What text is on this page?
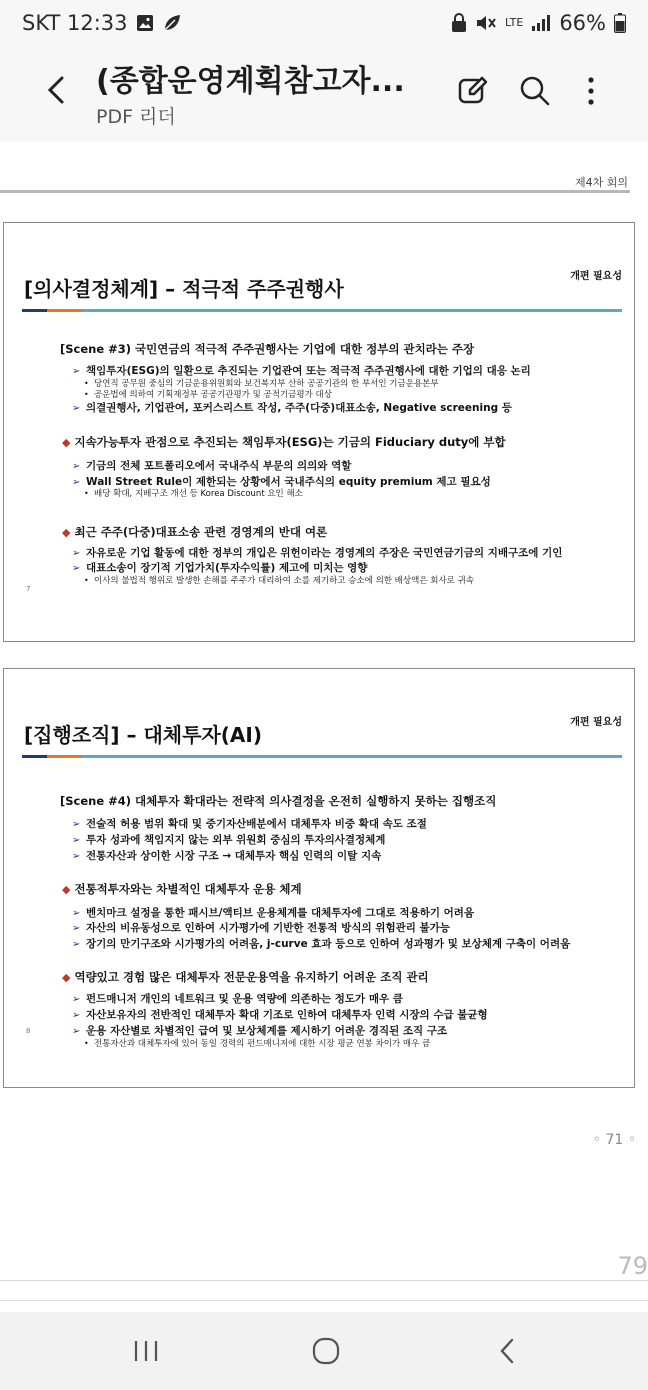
SKT 12:33	LTE 66%
(종합운영계획참고자...
PDF 리더
제4차 회의
[의사결정체계] – 적극적 주주권행사
개편 필요성
[Scene #3) 국민연금의 적극적 주주권행사는 기업에 대한 정부의 관치라는 주장
➢ 책임투자(ESG)의 일환으로 추진되는 기업관여 또는 적극적 주주권행사에 대한 기업의 대응 논리
• 당연직 공무원 중심의 기금운용위원회와 보건복지부 산하 공공기관의 한 부서인 기금운용본부
• 공운법에 의하여 기획재정부 공공기관평가 및 공적기금평가 대상
➢ 의결권행사, 기업관여, 포커스리스트 작성, 주주(다중)대표소송, Negative screening 등
◆ 지속가능투자 관점으로 추진되는 책임투자(ESG)는 기금의 Fiduciary duty에 부합
➢ 기금의 전체 포트폴리오에서 국내주식 부문의 의의와 역할
➢ Wall Street Rule이 제한되는 상황에서 국내주식의 equity premium 제고 필요성
• 배당 확대, 지배구조 개선 등 Korea Discount 요인 해소
◆ 최근 주주(다중)대표소송 관련 경영계의 반대 여론
➢ 자유로운 기업 활동에 대한 정부의 개입은 위헌이라는 경영계의 주장은 국민연금기금의 지배구조에 기인
➢ 대표소송이 장기적 기업가치(투자수익률) 제고에 미치는 영향
• 이사의 불법적 행위로 발생한 손해를 주주가 대리하여 소를 제기하고 승소에 의한 배상액은 회사로 귀속
7
[집행조직] – 대체투자(AI)
개편 필요성
[Scene #4) 대체투자 확대라는 전략적 의사결정을 온전히 실행하지 못하는 집행조직
➢ 전술적 허용 범위 확대 및 중기자산배분에서 대체투자 비중 확대 속도 조절
➢ 투자 성과에 책임지지 않는 외부 위원회 중심의 투자의사결정체계
➢ 전통자산과 상이한 시장 구조 → 대체투자 핵심 인력의 이탈 지속
◆ 전통적투자와는 차별적인 대체투자 운용 체계
➢ 벤치마크 설정을 통한 패시브/액티브 운용체계를 대체투자에 그대로 적용하기 어려움
➢ 자산의 비유동성으로 인하여 시가평가에 기반한 전통적 방식의 위험관리 불가능
➢ 장기의 만기구조와 시가평가의 어려움, j-curve 효과 등으로 인하여 성과평가 및 보상체계 구축이 어려움
◆ 역량있고 경험 많은 대체투자 전문운용역을 유지하기 어려운 조직 관리
➢ 펀드매니저 개인의 네트워크 및 운용 역량에 의존하는 정도가 매우 큼
➢ 자산보유자의 전반적인 대체투자 확대 기조로 인하여 대체투자 인력 시장의 수급 불균형
➢ 운용 자산별로 차별적인 급여 및 보상체계를 제시하기 어려운 경직된 조직 구조
• 전통자산과 대체투자에 있어 동일 경력의 펀드매니저에 대한 시장 평균 연봉 차이가 매우 큼
8
◦ 71 ◦
79
